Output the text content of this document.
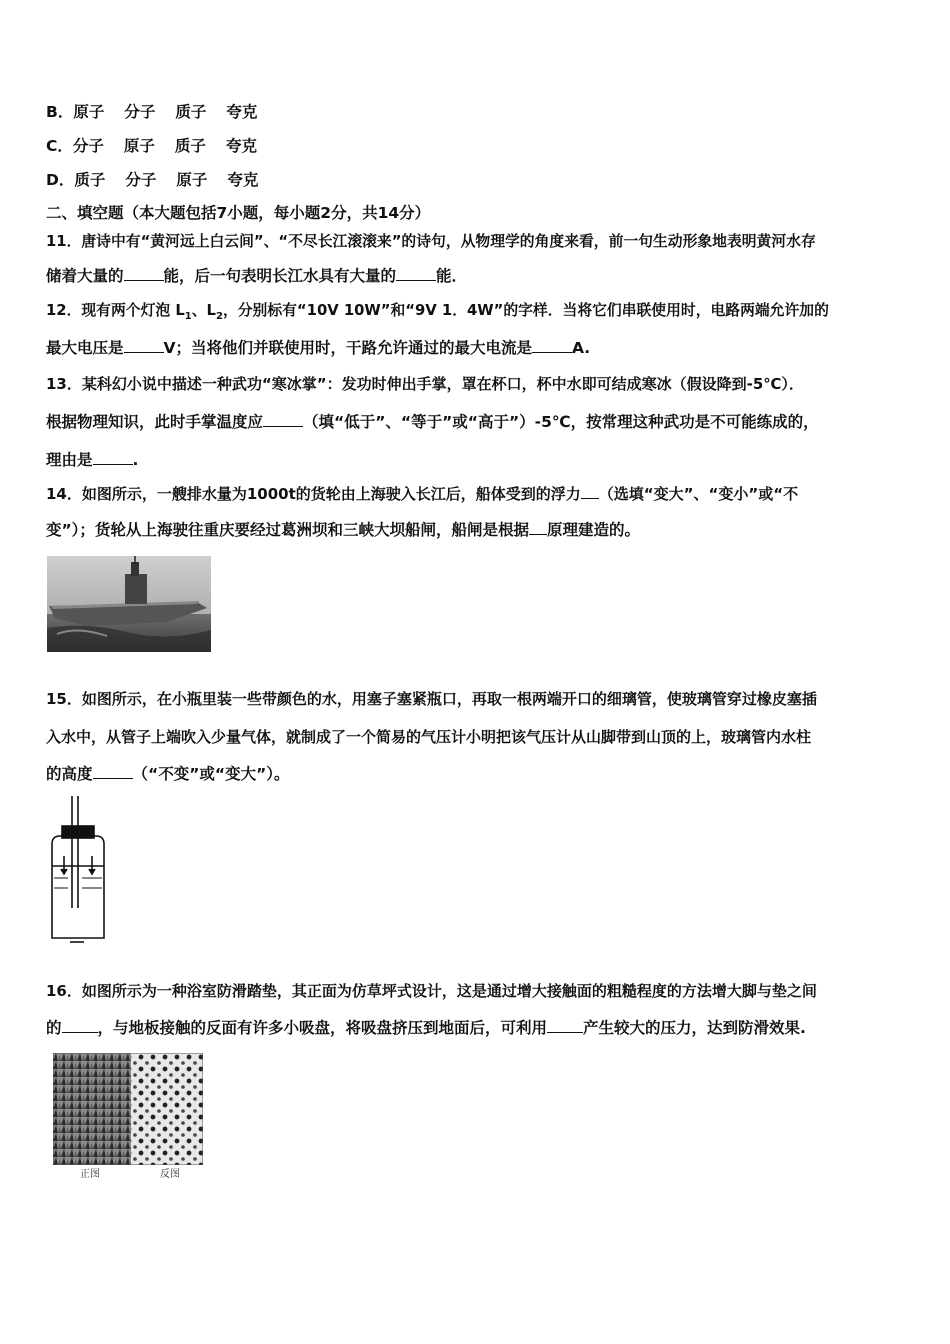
B．原子 分子 质子 夸克
C．分子 原子 质子 夸克
D．质子 分子 原子 夸克
二、填空题（本大题包括7小题，每小题2分，共14分）
11．唐诗中有“黄河远上白云间”、“不尽长江滚滚来”的诗句，从物理学的角度来看，前一句生动形象地表明黄河水存
储着大量的	能，后一句表明长江水具有大量的	能．
12．现有两个灯泡 $L_1$、$L_2$，分别标有“10V 10W”和“9V 1．4W”的字样．当将它们串联使用时，电路两端允许加的
最大电压是	V；当将他们并联使用时，干路允许通过的最大电流是	A.
13．某科幻小说中描述一种武功“寒冰掌”：发功时伸出手掌，罩在杯口，杯中水即可结成寒冰（假设降到-5℃）．
根据物理知识，此时手掌温度应	（填“低于”、“等于”或“高于”）-5℃，按常理这种武功是不可能练成的，
理由是	.
14．如图所示，一艘排水量为1000t的货轮由上海驶入长江后，船体受到的浮力 （选填“变大”、“变小”或“不
变”）；货轮从上海驶往重庆要经过葛洲坝和三峡大坝船闸，船闸是根据 原理建造的。
15．如图所示，在小瓶里装一些带颜色的水，用塞子塞紧瓶口，再取一根两端开口的细璃管，使玻璃管穿过橡皮塞插
入水中，从管子上端吹入少量气体，就制成了一个简易的气压计小明把该气压计从山脚带到山顶的上，玻璃管内水柱
的高度	（“不变”或“变大”）。
16．如图所示为一种浴室防滑踏垫，其正面为仿草坪式设计，这是通过增大接触面的粗糙程度的方法增大脚与垫之间
的 ，与地板接触的反面有许多小吸盘，将吸盘挤压到地面后，可利用 产生较大的压力，达到防滑效果.
正图	反图
